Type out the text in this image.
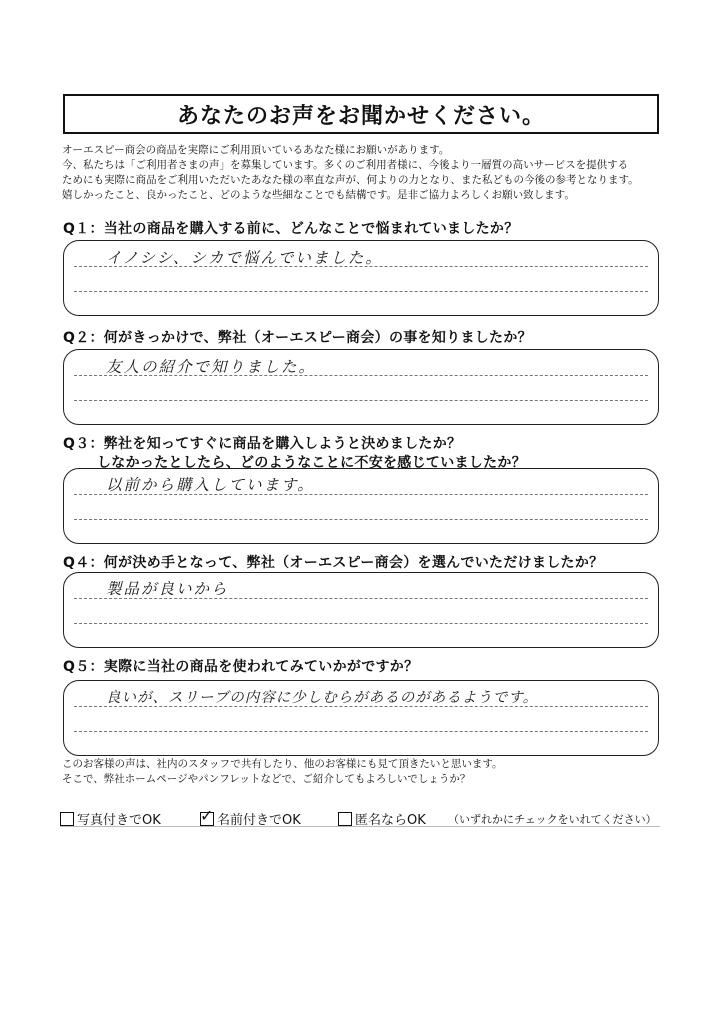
あなたのお声をお聞かせください。
オーエスピー商会の商品を実際にご利用頂いているあなた様にお願いがあります。
今、私たちは「ご利用者さまの声」を募集しています。多くのご利用者様に、今後より一層質の高いサービスを提供する
ためにも実際に商品をご利用いただいたあなた様の率直な声が、何よりの力となり、また私どもの今後の参考となります。
嬉しかったこと、良かったこと、どのような些細なことでも結構です。是非ご協力よろしくお願い致します。
Q１：当社の商品を購入する前に、どんなことで悩まれていましたか？
イノシシ、シカで悩んでいました。
Q２：何がきっかけで、弊社（オーエスピー商会）の事を知りましたか？
友人の紹介で知りました。
Q３：弊社を知ってすぐに商品を購入しようと決めましたか？
しなかったとしたら、どのようなことに不安を感じていましたか？
以前から購入しています。
Q４：何が決め手となって、弊社（オーエスピー商会）を選んでいただけましたか？
製品が良いから
Q５：実際に当社の商品を使われてみていかがですか？
良いが、スリーブの内容に少しむらがあるのがあるようです。
このお客様の声は、社内のスタッフで共有したり、他のお客様にも見て頂きたいと思います。
そこで、弊社ホームページやパンフレットなどで、ご紹介してもよろしいでしょうか？
写真付きでOK ✓ 名前付きでOK	匿名ならOK （いずれかにチェックをいれてください）
